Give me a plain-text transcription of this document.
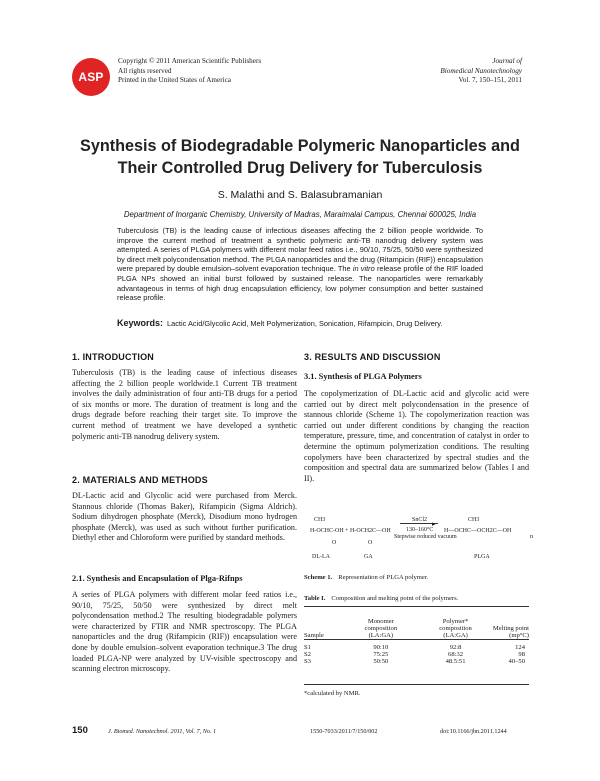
ASP
Copyright © 2011 American Scientific Publishers
All rights reserved
Printed in the United States of America
Journal of
Biomedical Nanotechnology
Vol. 7, 150–151, 2011
Synthesis of Biodegradable Polymeric Nanoparticles and
Their Controlled Drug Delivery for Tuberculosis
S. Malathi and S. Balasubramanian
Department of Inorganic Chemistry, University of Madras, Maraimalai Campus, Chennai 600025, India
Tuberculosis (TB) is the leading cause of infectious diseases affecting the 2 billion people worldwide. To improve the current method of treatment a synthetic polymeric anti-TB nanodrug delivery system was attempted. A series of PLGA polymers with different molar feed ratios i.e., 90/10, 75/25, 50/50 were synthesized by direct melt polycondensation method. The PLGA nanoparticles and the drug (Ritampicin (RIF)) encapsulation were prepared by double emulsion–solvent evaporation technique. The in vitro release profile of the RIF loaded PLGA NPs showed an initial burst followed by sustained release. The nanoparticles were remarkably advantageous in terms of high drug encapsulation efficiency, low polymer consumption and better sustained release profile.
Keywords: Lactic Acid/Glycolic Acid, Melt Polymerization, Sonication, Rifampicin, Drug Delivery.
1. INTRODUCTION

Tuberculosis (TB) is the leading cause of infectious diseases affecting the 2 billion people worldwide.1 Current TB treatment involves the daily administration of four anti-TB drugs for a period of six months or more. The duration of treatment is long and the drugs degrade before reaching their target site. To improve the current method of treatment we have developed a synthetic polymeric anti-TB nanodrug delivery system.

2. MATERIALS AND METHODS

DL-Lactic acid and Glycolic acid were purchased from Merck. Stannous chloride (Thomas Baker), Rifampicin (Sigma Aldrich). Sodium dihydrogen phosphate (Merck), Disodium mono hydrogen phosphate (Merck), was used as such without further purification. Diethyl ether and Chloroform were purified by standard methods.

2.1. Synthesis and Encapsulation of Plga-Rifnps

A series of PLGA polymers with different molar feed ratios i.e., 90/10, 75/25, 50/50 were synthesized by direct melt polycondensation method.2 The resulting biodegradable polymers were characterized by FTIR and NMR spectroscopy. The PLGA nanoparticles and the drug (Rifampicin (RIF)) encapsulation were done by double emulsion–solvent evaporation technique.3 The drug loaded PLGA-NP were analyzed by UV-visible spectroscopy and scanning electron microscopy.

3. RESULTS AND DISCUSSION
3.1. Synthesis of PLGA Polymers

The copolymerization of DL-Lactic acid and glycolic acid were carried out by direct melt polycondensation in the presence of stannous chloride (Scheme 1). The copolymerization reaction was carried out under different conditions by changing the reaction temperature, pressure, time, and concentration of catalyst in order to determine the optimum polymerization conditions. The resulting copolymers have been characterized by spectral studies and the composition and spectral data are summarized below (Tables I and II).

CH3
H-OCHC-OH + H-OCH2C—OH
O	O
SnCl2 ▸
130–160°C
Stepwise reduced vacuum
CH3
H—OCHC—OCH2C—OH
n
DL-LA	GA	PLGA
Scheme 1. Representation of PLGA polymer.
Table I. Composition and melting point of the polymers.
Sample	Monomer composition (LA:GA)	Polymer* composition (LA:GA)	Melting point (mp°C)

S1	90:10	92:8	124
S2	75:25	68:32	98
S3	50:50	48.5:51	40–50
*calculated by NMR.
150	J. Biomed. Nanotechnol. 2011, Vol. 7, No. 1	1550-7033/2011/7/150/002	doi:10.1166/jbn.2011.1244
